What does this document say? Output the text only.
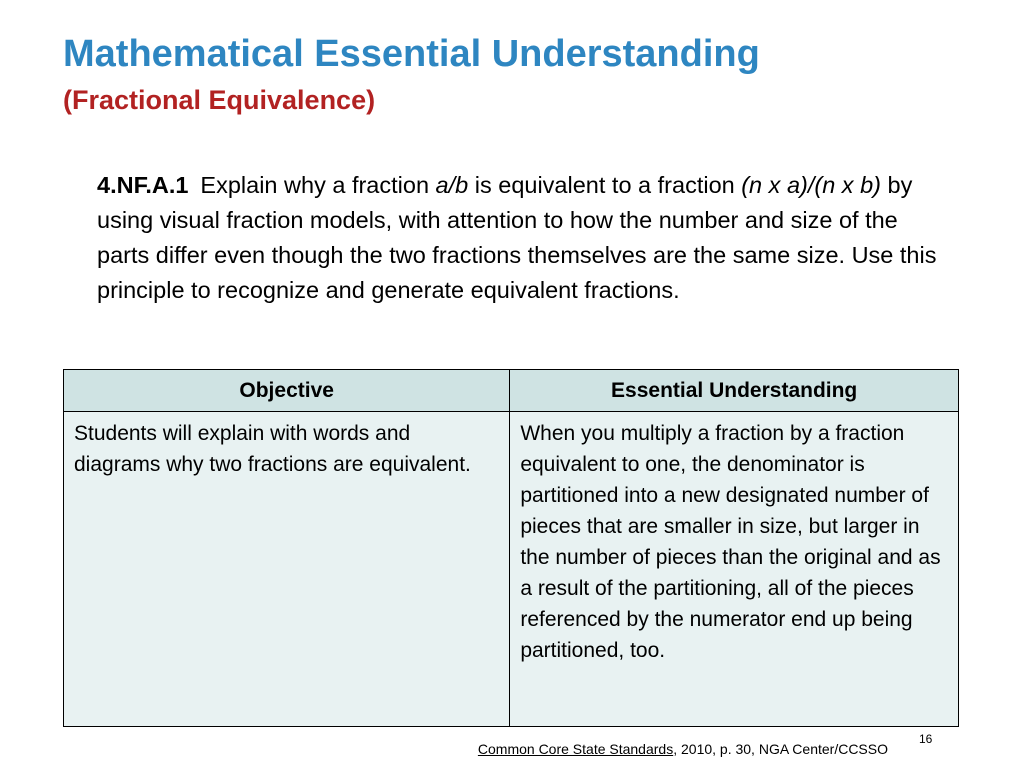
Mathematical Essential Understanding
(Fractional Equivalence)

4.NF.A.1 Explain why a fraction a/b is equivalent to a fraction (n x a)/(n x b) by using visual fraction models, with attention to how the number and size of the parts differ even though the two fractions themselves are the same size. Use this principle to recognize and generate equivalent fractions.

Objective	Essential Understanding
Students will explain with words and diagrams why two fractions are equivalent.	When you multiply a fraction by a fraction equivalent to one, the denominator is partitioned into a new designated number of pieces that are smaller in size, but larger in the number of pieces than the original and as a result of the partitioning, all of the pieces referenced by the numerator end up being partitioned, too.
16
Common Core State Standards, 2010, p. 30, NGA Center/CCSSO
